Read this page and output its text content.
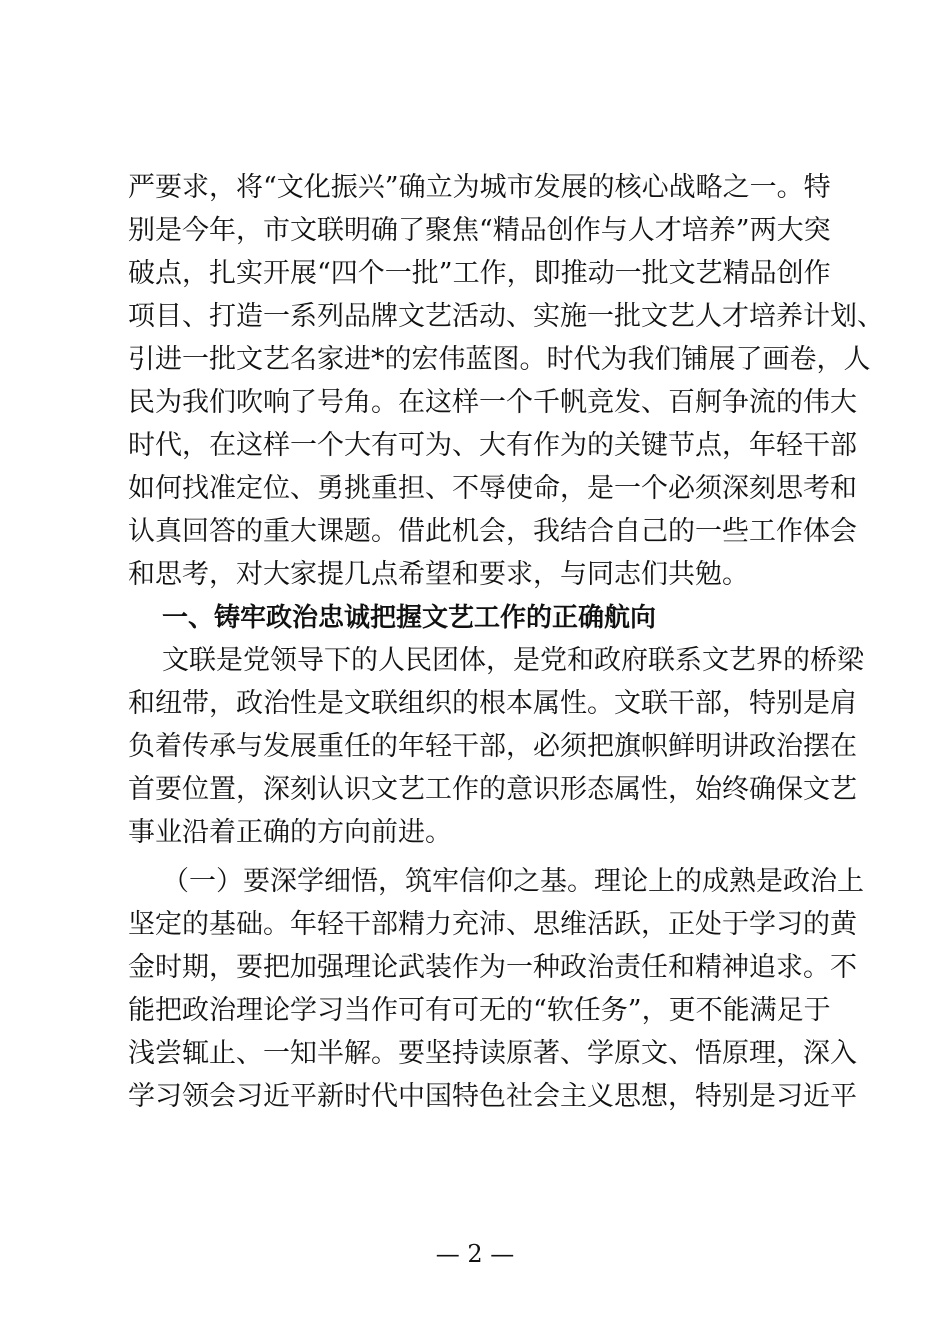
严要求，将“文化振兴”确立为城市发展的核心战略之一。特
别是今年，市文联明确了聚焦“精品创作与人才培养”两大突
破点，扎实开展“四个一批”工作，即推动一批文艺精品创作
项目、打造一系列品牌文艺活动、实施一批文艺人才培养计划、
引进一批文艺名家进*的宏伟蓝图。时代为我们铺展了画卷，人
民为我们吹响了号角。在这样一个千帆竞发、百舸争流的伟大
时代，在这样一个大有可为、大有作为的关键节点，年轻干部
如何找准定位、勇挑重担、不辱使命，是一个必须深刻思考和
认真回答的重大课题。借此机会，我结合自己的一些工作体会
和思考，对大家提几点希望和要求，与同志们共勉。
一、铸牢政治忠诚把握文艺工作的正确航向
文联是党领导下的人民团体，是党和政府联系文艺界的桥梁
和纽带，政治性是文联组织的根本属性。文联干部，特别是肩
负着传承与发展重任的年轻干部，必须把旗帜鲜明讲政治摆在
首要位置，深刻认识文艺工作的意识形态属性，始终确保文艺
事业沿着正确的方向前进。
（一）要深学细悟，筑牢信仰之基。理论上的成熟是政治上
坚定的基础。年轻干部精力充沛、思维活跃，正处于学习的黄
金时期，要把加强理论武装作为一种政治责任和精神追求。不
能把政治理论学习当作可有可无的“软任务”，更不能满足于
浅尝辄止、一知半解。要坚持读原著、学原文、悟原理，深入
学习领会习近平新时代中国特色社会主义思想，特别是习近平
— 2 —
